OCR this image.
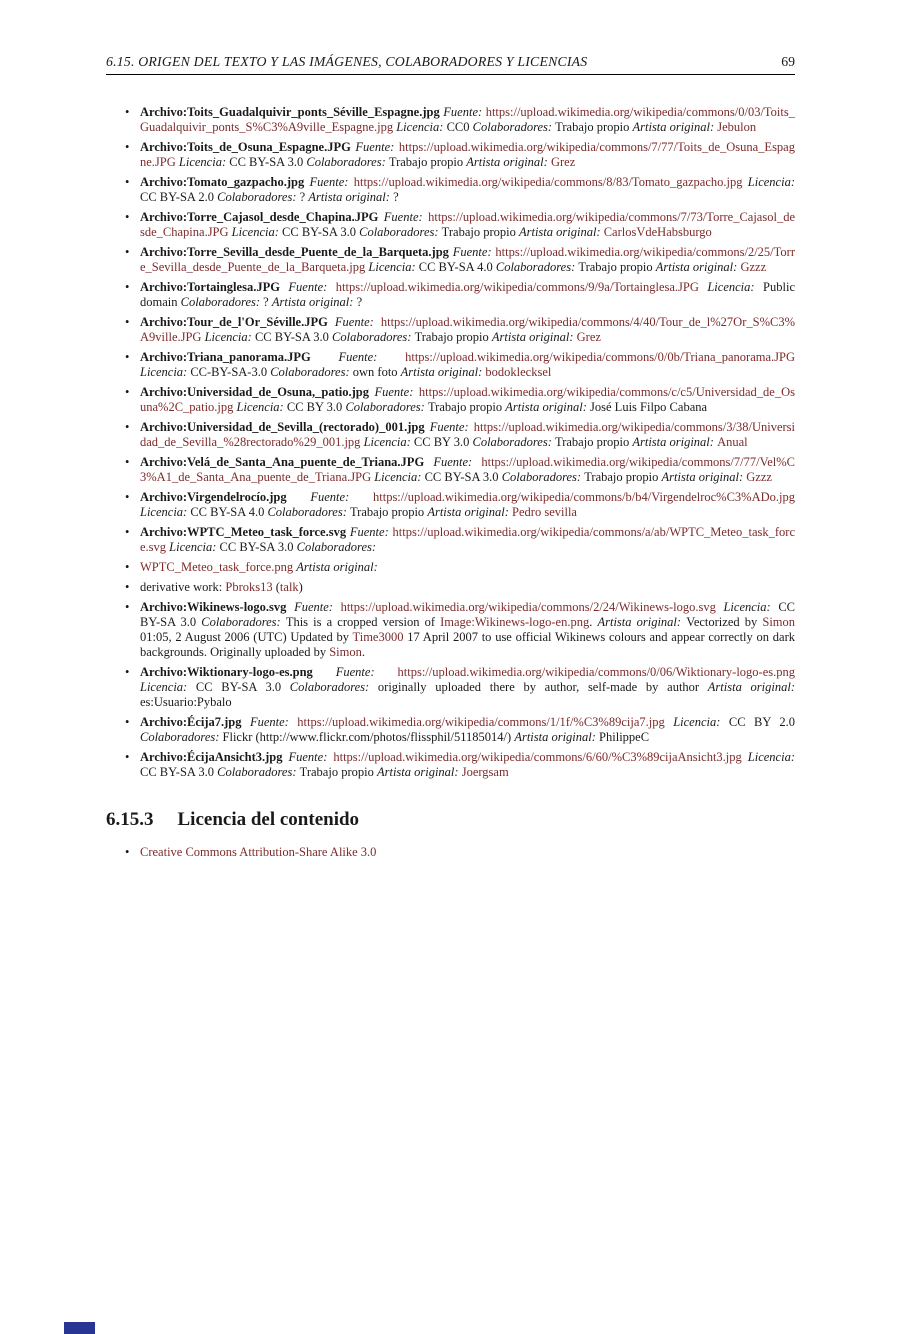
6.15. ORIGEN DEL TEXTO Y LAS IMÁGENES, COLABORADORES Y LICENCIAS	69
• Archivo:Toits_Guadalquivir_ponts_Séville_Espagne.jpg Fuente: https://upload.wikimedia.org/wikipedia/commons/0/03/Toits_Guadalquivir_ponts_S%C3%A9ville_Espagne.jpg Licencia: CC0 Colaboradores: Trabajo propio Artista original: Jebulon
• Archivo:Toits_de_Osuna_Espagne.JPG Fuente: https://upload.wikimedia.org/wikipedia/commons/7/77/Toits_de_Osuna_Espagne.JPG Licencia: CC BY-SA 3.0 Colaboradores: Trabajo propio Artista original: Grez
• Archivo:Tomato_gazpacho.jpg Fuente: https://upload.wikimedia.org/wikipedia/commons/8/83/Tomato_gazpacho.jpg Licencia: CC BY-SA 2.0 Colaboradores: ? Artista original: ?
• Archivo:Torre_Cajasol_desde_Chapina.JPG Fuente: https://upload.wikimedia.org/wikipedia/commons/7/73/Torre_Cajasol_desde_Chapina.JPG Licencia: CC BY-SA 3.0 Colaboradores: Trabajo propio Artista original: CarlosVdeHabsburgo
• Archivo:Torre_Sevilla_desde_Puente_de_la_Barqueta.jpg Fuente: https://upload.wikimedia.org/wikipedia/commons/2/25/Torre_Sevilla_desde_Puente_de_la_Barqueta.jpg Licencia: CC BY-SA 4.0 Colaboradores: Trabajo propio Artista original: Gzzz
• Archivo:Tortainglesa.JPG Fuente: https://upload.wikimedia.org/wikipedia/commons/9/9a/Tortainglesa.JPG Licencia: Public domain Colaboradores: ? Artista original: ?
• Archivo:Tour_de_l'Or_Séville.JPG Fuente: https://upload.wikimedia.org/wikipedia/commons/4/40/Tour_de_l%27Or_S%C3%A9ville.JPG Licencia: CC BY-SA 3.0 Colaboradores: Trabajo propio Artista original: Grez
• Archivo:Triana_panorama.JPG Fuente: https://upload.wikimedia.org/wikipedia/commons/0/0b/Triana_panorama.JPG Licencia: CC-BY-SA-3.0 Colaboradores: own foto Artista original: bodoklecksel
• Archivo:Universidad_de_Osuna,_patio.jpg Fuente: https://upload.wikimedia.org/wikipedia/commons/c/c5/Universidad_de_Osuna%2C_patio.jpg Licencia: CC BY 3.0 Colaboradores: Trabajo propio Artista original: José Luis Filpo Cabana
• Archivo:Universidad_de_Sevilla_(rectorado)_001.jpg Fuente: https://upload.wikimedia.org/wikipedia/commons/3/38/Universidad_de_Sevilla_%28rectorado%29_001.jpg Licencia: CC BY 3.0 Colaboradores: Trabajo propio Artista original: Anual
• Archivo:Velá_de_Santa_Ana_puente_de_Triana.JPG Fuente: https://upload.wikimedia.org/wikipedia/commons/7/77/Vel%C3%A1_de_Santa_Ana_puente_de_Triana.JPG Licencia: CC BY-SA 3.0 Colaboradores: Trabajo propio Artista original: Gzzz
• Archivo:Virgendelrocío.jpg Fuente: https://upload.wikimedia.org/wikipedia/commons/b/b4/Virgendelroc%C3%ADo.jpg Licencia: CC BY-SA 4.0 Colaboradores: Trabajo propio Artista original: Pedro sevilla
• Archivo:WPTC_Meteo_task_force.svg Fuente: https://upload.wikimedia.org/wikipedia/commons/a/ab/WPTC_Meteo_task_force.svg Licencia: CC BY-SA 3.0 Colaboradores:
• WPTC_Meteo_task_force.png Artista original:
• derivative work: Pbroks13 (talk)
• Archivo:Wikinews-logo.svg Fuente: https://upload.wikimedia.org/wikipedia/commons/2/24/Wikinews-logo.svg Licencia: CC BY-SA 3.0 Colaboradores: This is a cropped version of Image:Wikinews-logo-en.png. Artista original: Vectorized by Simon 01:05, 2 August 2006 (UTC) Updated by Time3000 17 April 2007 to use official Wikinews colours and appear correctly on dark backgrounds. Originally uploaded by Simon.
• Archivo:Wiktionary-logo-es.png Fuente: https://upload.wikimedia.org/wikipedia/commons/0/06/Wiktionary-logo-es.png Licencia: CC BY-SA 3.0 Colaboradores: originally uploaded there by author, self-made by author Artista original: es:Usuario:Pybalo
• Archivo:Écija7.jpg Fuente: https://upload.wikimedia.org/wikipedia/commons/1/1f/%C3%89cija7.jpg Licencia: CC BY 2.0 Colaboradores: Flickr (http://www.flickr.com/photos/flissphil/51185014/) Artista original: PhilippeC
• Archivo:ÉcijaAnsicht3.jpg Fuente: https://upload.wikimedia.org/wikipedia/commons/6/60/%C3%89cijaAnsicht3.jpg Licencia: CC BY-SA 3.0 Colaboradores: Trabajo propio Artista original: Joergsam
6.15.3 Licencia del contenido
• Creative Commons Attribution-Share Alike 3.0
